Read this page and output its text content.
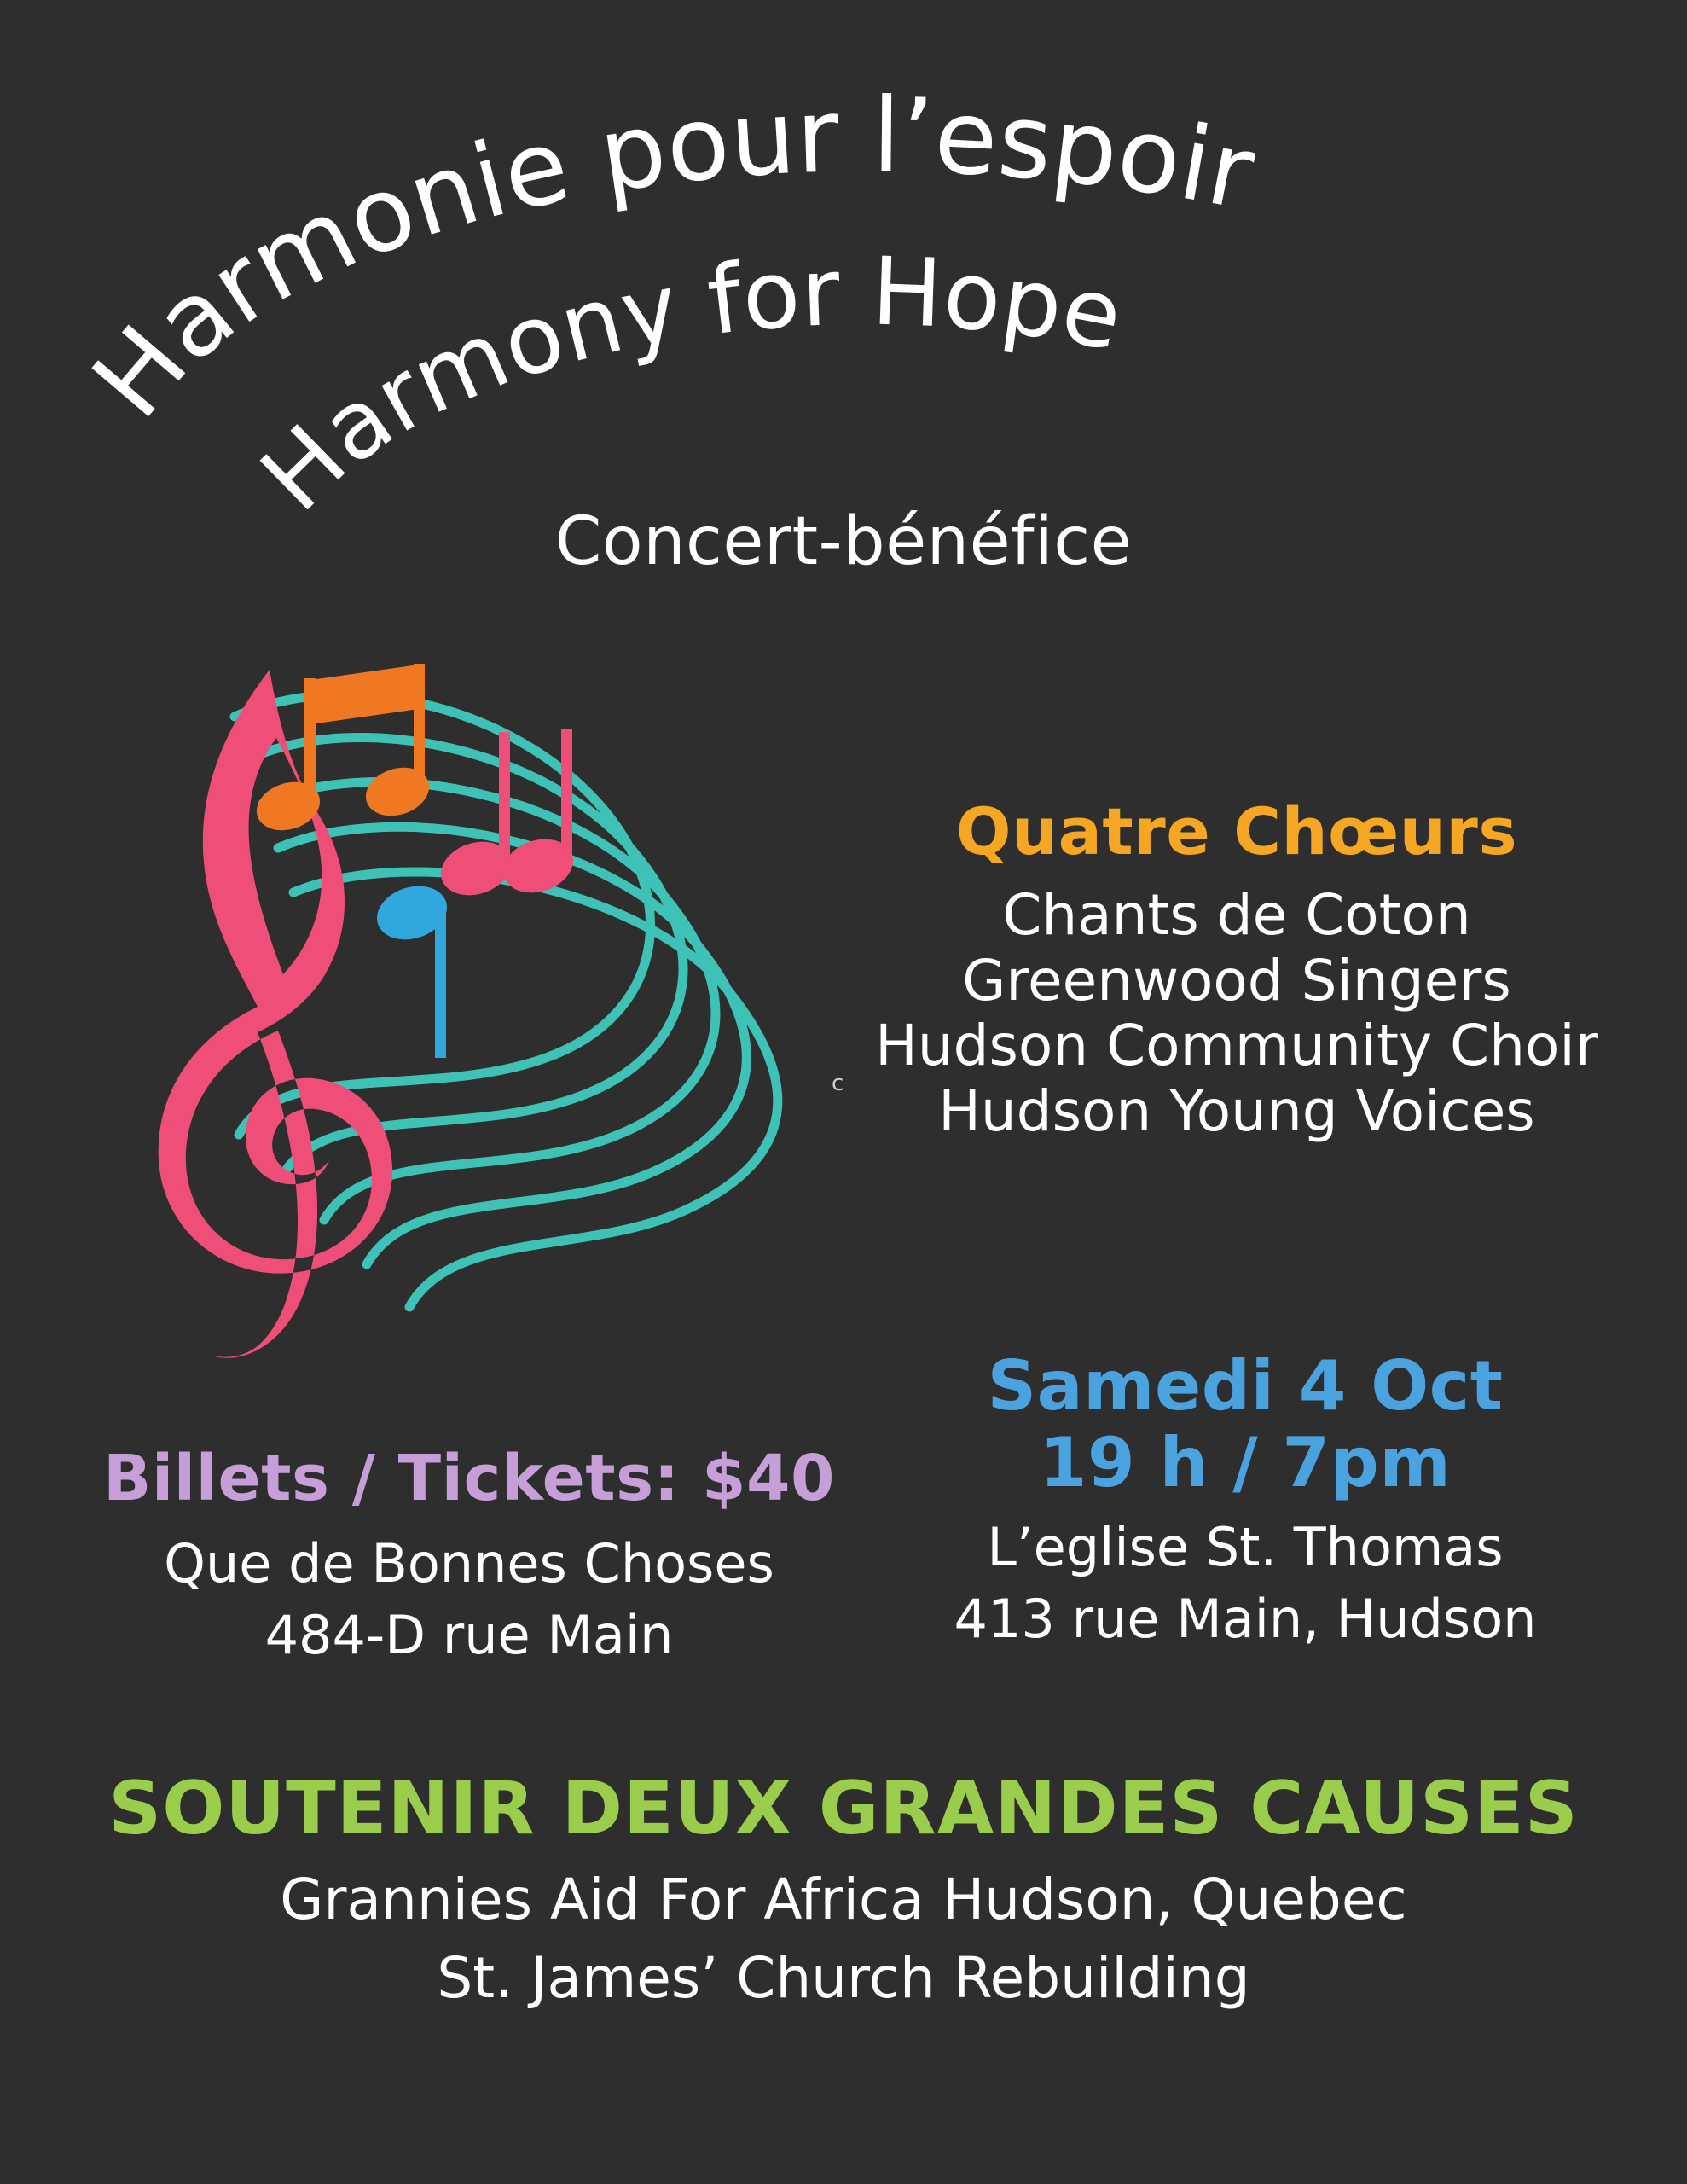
Harmonie pour l’espoir
Harmony for Hope
Concert-bénéfice
c
Quatre Chœurs
Chants de Coton
Greenwood Singers
Hudson Community Choir
Hudson Young Voices
Samedi 4 Oct
19 h / 7pm
L’eglise St. Thomas
413 rue Main, Hudson
Billets / Tickets: $40
Que de Bonnes Choses
484-D rue Main
SOUTENIR DEUX GRANDES CAUSES
Grannies Aid For Africa Hudson, Quebec
St. James’ Church Rebuilding
